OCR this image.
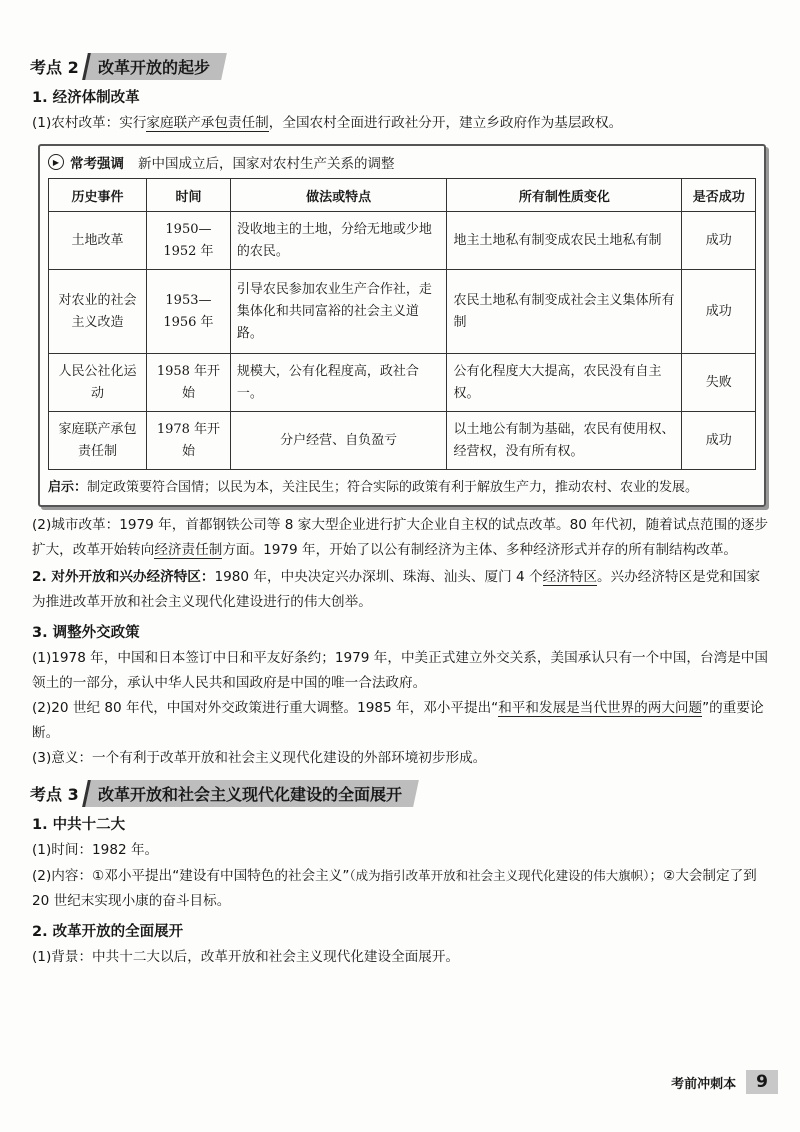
考点 2	改革开放的起步
1. 经济体制改革
(1)农村改革：实行家庭联产承包责任制，全国农村全面进行政社分开，建立乡政府作为基层政权。
▶ 常考强调 新中国成立后，国家对农村生产关系的调整
历史事件	时间	做法或特点	所有制性质变化	是否成功
土地改革	1950—1952 年	没收地主的土地，分给无地或少地的农民。	地主土地私有制变成农民土地私有制	成功
对农业的社会主义改造	1953—1956 年	引导农民参加农业生产合作社，走集体化和共同富裕的社会主义道路。	农民土地私有制变成社会主义集体所有制	成功
人民公社化运动	1958 年开始	规模大，公有化程度高，政社合一。	公有化程度大大提高，农民没有自主权。	失败
家庭联产承包责任制	1978 年开始	分户经营、自负盈亏	以土地公有制为基础，农民有使用权、经营权，没有所有权。	成功
启示：制定政策要符合国情；以民为本，关注民生；符合实际的政策有利于解放生产力，推动农村、农业的发展。
(2)城市改革：1979 年，首都钢铁公司等 8 家大型企业进行扩大企业自主权的试点改革。80 年代初，随着试点范围的逐步扩大，改革开始转向经济责任制方面。1979 年，开始了以公有制经济为主体、多种经济形式并存的所有制结构改革。
2. 对外开放和兴办经济特区：1980 年，中央决定兴办深圳、珠海、汕头、厦门 4 个经济特区。兴办经济特区是党和国家为推进改革开放和社会主义现代化建设进行的伟大创举。
3. 调整外交政策
(1)1978 年，中国和日本签订中日和平友好条约；1979 年，中美正式建立外交关系，美国承认只有一个中国，台湾是中国领土的一部分，承认中华人民共和国政府是中国的唯一合法政府。
(2)20 世纪 80 年代，中国对外交政策进行重大调整。1985 年，邓小平提出“和平和发展是当代世界的两大问题”的重要论断。
(3)意义：一个有利于改革开放和社会主义现代化建设的外部环境初步形成。
考点 3	改革开放和社会主义现代化建设的全面展开
1. 中共十二大
(1)时间：1982 年。
(2)内容：①邓小平提出“建设有中国特色的社会主义”（成为指引改革开放和社会主义现代化建设的伟大旗帜）；②大会制定了到 20 世纪末实现小康的奋斗目标。
2. 改革开放的全面展开
(1)背景：中共十二大以后，改革开放和社会主义现代化建设全面展开。
考前冲刺本	9
